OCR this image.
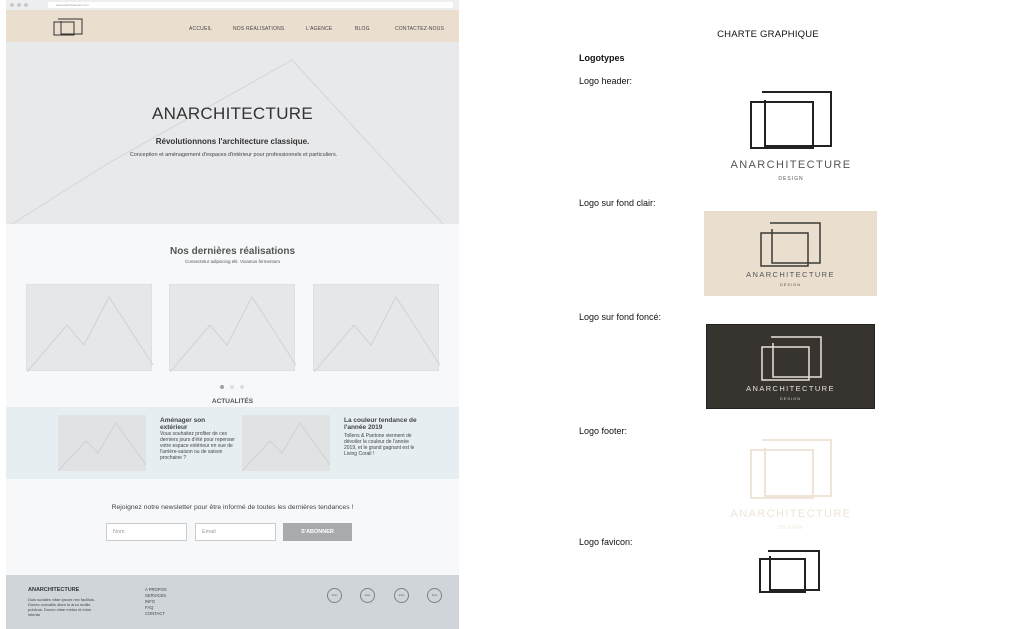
www.anarchitecture.com
ACCUEIL	NOS RÉALISATIONS	L'AGENCE	BLOG	CONTACTEZ-NOUS
ANARCHITECTURE
Révolutionnons l'architecture classique.
Conception et aménagement d'espaces d'intérieur pour professionnels et particuliers.
Nos dernières réalisations
Consectetur adipiscing elit. Vivamus fermentum
ACTUALITÉS
Aménager son extérieur
Vous souhaitez profiter de ces derniers jours d'été pour repenser votre espace extérieur en vue de l'arrière-saison ou de saison prochaine ?
La couleur tendance de l'année 2019
Tollens & Pantone viennent de dévoiler la couleur de l'année 2019, et le grand gagnant est le Living Corail !
Rejoignez notre newsletter pour être informé de toutes les dernières tendances !
Nom	Email	S'ABONNER
ANARCHITECTURE
Duis sodales vitae ipsum nec facilisis. Donec convallis diam in arcu mollis pulvinar. Donec vitae metus id enim interdu
A PROPOS
SERVICES
INFO
FAQ
CONTACT
icon	icon	icon	icon
CHARTE GRAPHIQUE
Logotypes
Logo header:
ANARCHITECTURE
DESIGN
Logo sur fond clair:
ANARCHITECTURE
DESIGN
Logo sur fond foncé:
ANARCHITECTURE
DESIGN
Logo footer:
ANARCHITECTURE
DESIGN
Logo favicon:
